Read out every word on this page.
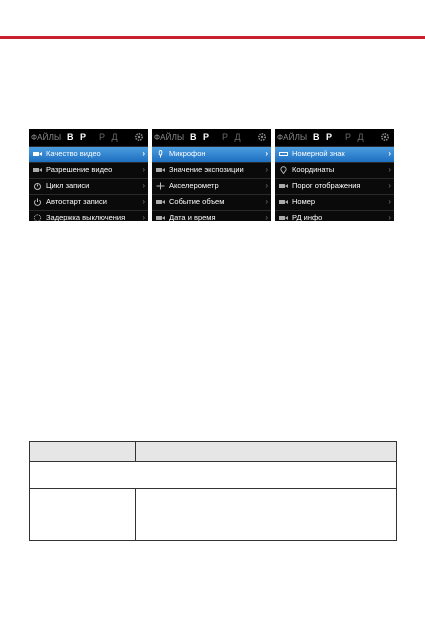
ФАЙЛЫ В Р Р Д
Качество видео	›
Разрешение видео	›
Цикл записи	›
Автостарт записи	›
Задержка выключения ›
ФАЙЛЫ В Р Р Д
Микрофон	›
Значение экспозиции	›
Акселерометр	›
Событие объем	›
Дата и время	›
ФАЙЛЫ В Р Р Д
Номерной знак	›
Координаты	›
Порог отображения	›
Номер	›
РД инфо	›
